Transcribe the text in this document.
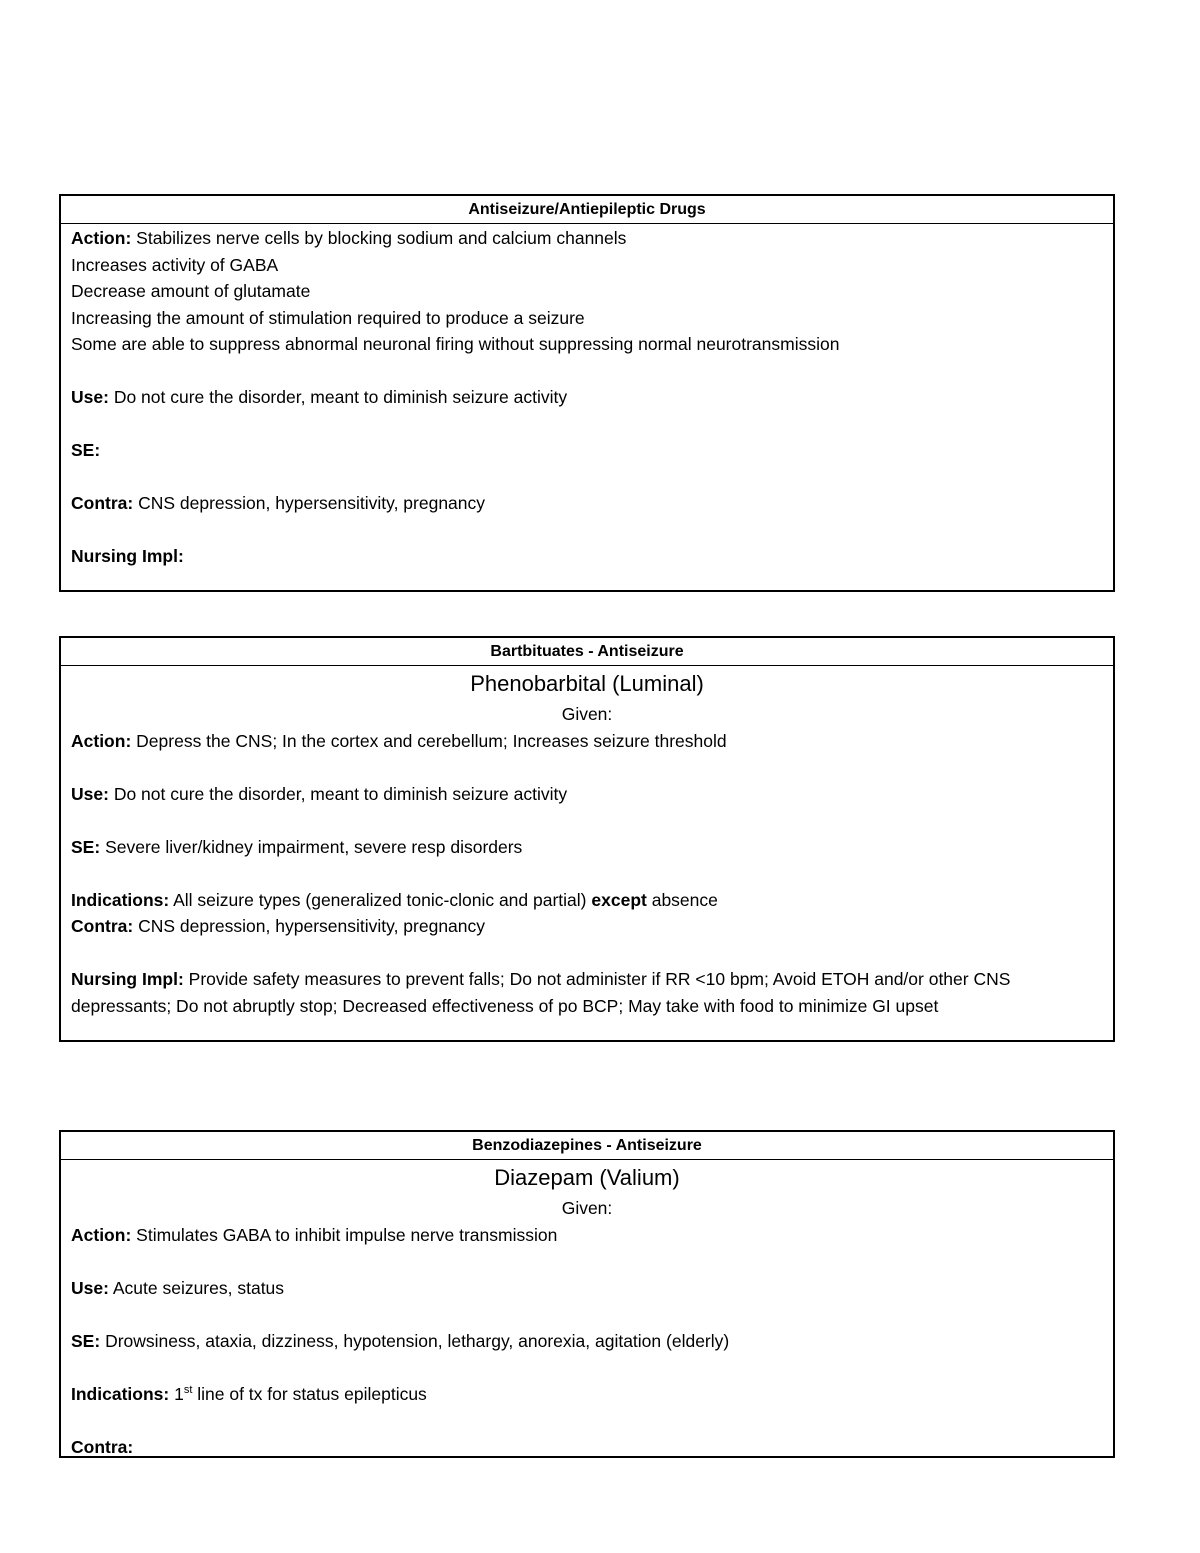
Antiseizure/Antiepileptic Drugs
Action: Stabilizes nerve cells by blocking sodium and calcium channels
Increases activity of GABA
Decrease amount of glutamate
Increasing the amount of stimulation required to produce a seizure
Some are able to suppress abnormal neuronal firing without suppressing normal neurotransmission
Use: Do not cure the disorder, meant to diminish seizure activity
SE:
Contra: CNS depression, hypersensitivity, pregnancy
Nursing Impl:
Bartbituates - Antiseizure
Phenobarbital (Luminal)
Given:
Action: Depress the CNS; In the cortex and cerebellum; Increases seizure threshold
Use: Do not cure the disorder, meant to diminish seizure activity
SE: Severe liver/kidney impairment, severe resp disorders
Indications: All seizure types (generalized tonic-clonic and partial) except absence
Contra: CNS depression, hypersensitivity, pregnancy
Nursing Impl: Provide safety measures to prevent falls; Do not administer if RR <10 bpm; Avoid ETOH and/or other CNS depressants; Do not abruptly stop; Decreased effectiveness of po BCP; May take with food to minimize GI upset
Benzodiazepines - Antiseizure
Diazepam (Valium)
Given:
Action: Stimulates GABA to inhibit impulse nerve transmission
Use: Acute seizures, status
SE: Drowsiness, ataxia, dizziness, hypotension, lethargy, anorexia, agitation (elderly)
Indications: 1st line of tx for status epilepticus
Contra:
